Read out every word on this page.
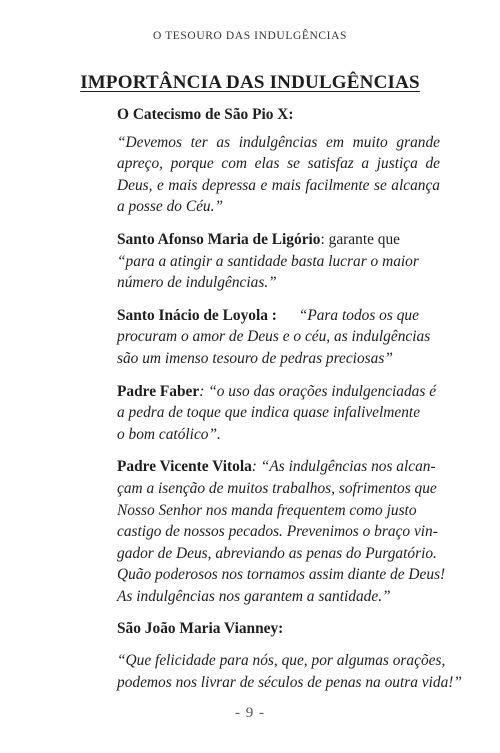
O TESOURO DAS INDULGÊNCIAS
IMPORTÂNCIA DAS INDULGÊNCIAS
O Catecismo de São Pio X:
“Devemos ter as indulgências em muito grande
apreço, porque com elas se satisfaz a justiça de
Deus, e mais depressa e mais facilmente se alcança
a posse do Céu.”
Santo Afonso Maria de Ligório: garante que
“para a atingir a santidade basta lucrar o maior
número de indulgências.”
Santo Inácio de Loyola : “Para todos os que
procuram o amor de Deus e o céu, as indulgências
são um imenso tesouro de pedras preciosas”
Padre Faber: “o uso das orações indulgenciadas é
a pedra de toque que indica quase infalivelmente
o bom católico”.
Padre Vicente Vitola: “As indulgências nos alcan-
çam a isenção de muitos trabalhos, sofrimentos que
Nosso Senhor nos manda frequentem como justo
castigo de nossos pecados. Prevenimos o braço vin-
gador de Deus, abreviando as penas do Purgatório.
Quão poderosos nos tornamos assim diante de Deus!
As indulgências nos garantem a santidade.”
São João Maria Vianney:
“Que felicidade para nós, que, por algumas orações,
podemos nos livrar de séculos de penas na outra vida!”
- 9 -
